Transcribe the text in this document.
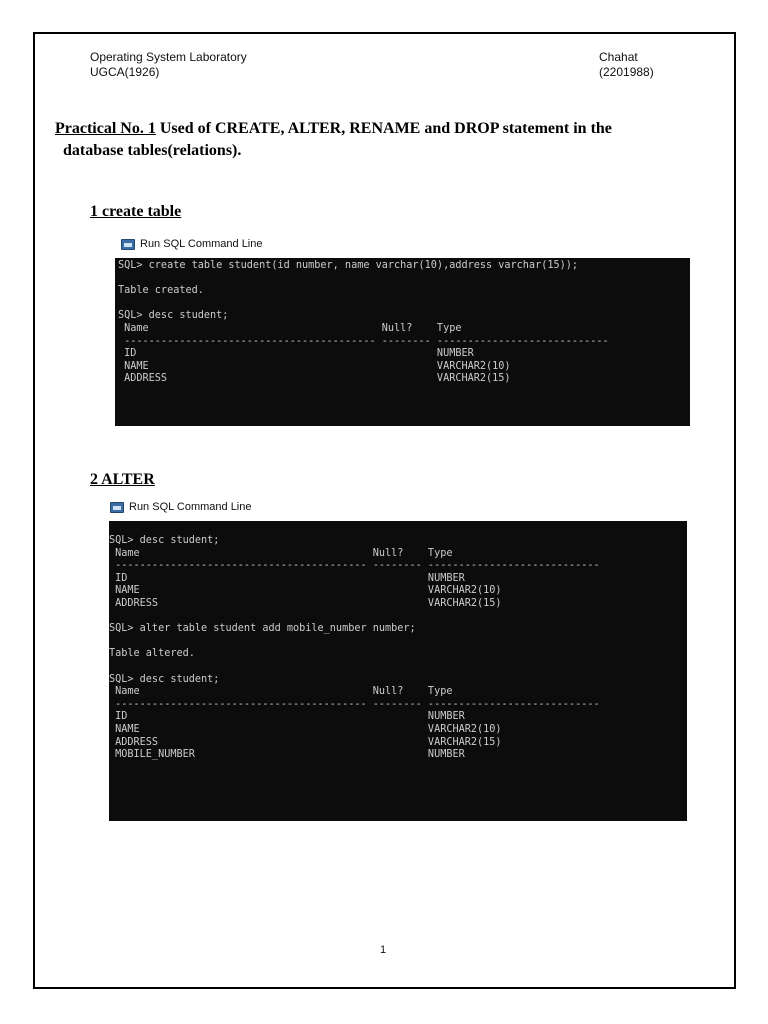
Operating System Laboratory
UGCA(1926)
Chahat
(2201988)
Practical No. 1 Used of CREATE, ALTER, RENAME and DROP statement in the
database tables(relations).
1 create table
Run SQL Command Line
SQL> create table student(id number, name varchar(10),address varchar(15));
Table created.
SQL> desc student;
Name                                      Null?    Type
----------------------------------------- -------- ----------------------------
ID                                                 NUMBER
NAME                                               VARCHAR2(10)
ADDRESS                                            VARCHAR2(15)
2 ALTER
Run SQL Command Line
SQL> desc student;
Name                                      Null?    Type
----------------------------------------- -------- ----------------------------
ID                                                 NUMBER
NAME                                               VARCHAR2(10)
ADDRESS                                            VARCHAR2(15)
SQL> alter table student add mobile_number number;
Table altered.
SQL> desc student;
Name                                      Null?    Type
----------------------------------------- -------- ----------------------------
ID                                                 NUMBER
NAME                                               VARCHAR2(10)
ADDRESS                                            VARCHAR2(15)
MOBILE_NUMBER                                      NUMBER
1
